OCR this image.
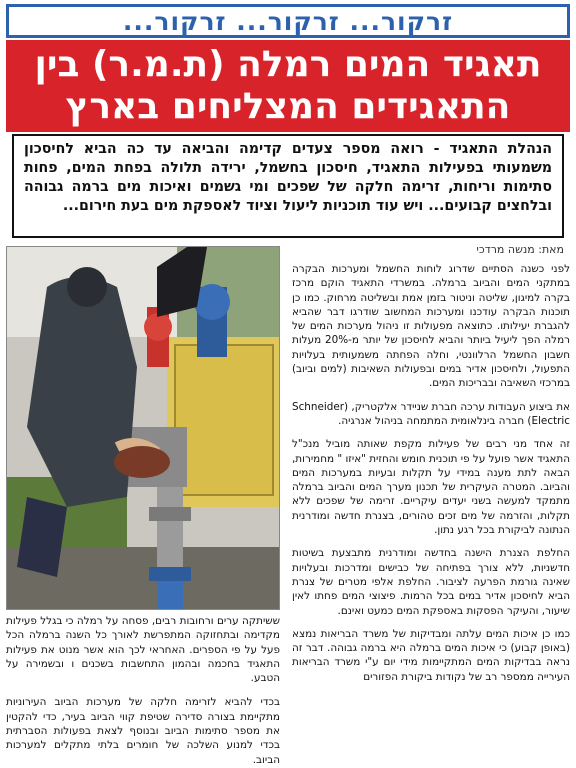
זרקור... זרקור... זרקור...
תאגיד המים רמלה (ת.מ.ר) בין התאגידים המצליחים בארץ
הנהלת התאגיד - רואה מספר צעדים קדימה והביאה עד כה הביא לחיסכון משמעותי בפעילות התאגיד, חיסכון בחשמל, ירידה תלולה בפחת המים, פחות סתימות וריחות, זרימה חלקה של שפכים ומי גשמים ואיכות מים ברמה גבוהה ובלחצים קבועים... ויש עוד תוכניות ליעול וציוד לאספקת מים בעת חירום...
מאת: מנשה מרדכי

לפני כשנה הסתיים שדרוג לוחות החשמל ומערכות הבקרה במתקני המים והביוב ברמלה. במשרדי התאגיד הוקם מרכז בקרה למיגון, שליטה וניטור בזמן אמת ובשליטה מרחוק. כמו כן תוכנות הבקרה עודכנו ומערכות המחשוב שודרגו דבר שהביא להגברת יעילותו. כתוצאה מפעולות זו ניהול מערכות המים של רמלה הפך ליעיל ביותר והביא לחיסכון של יותר מ-20% מעלות חשבון החשמל הרלוונטי, וחלה הפחתה משמעותית בעלויות התפעול, ולחיסכון אדיר במים ובפעולות השאיבות (למים וביוב) במרכזי השאיבה ובבריכות המים.

את ביצוע העבודות ערכה חברת שניידר אלקטריק, (Schneider Electric) חברה בינלאומית המתמחה בניהול אנרגיה.

זה אחד מני רבים של פעילות מקפת שאותה מוביל מנכ"ל התאגיד אשר פועל על פי תוכנית חומש והחזית "איזו " מחמירות, הבאה לתת מענה במידי על תקלות ובעיות במערכות המים והביוב. המטרה העיקרית של תכנון מערך המים והביוב ברמלה מתמקד למעשה בשני יעדים עיקריים. זרימה של שפכים ללא תקלות, והזרמה של מים זכים טהורים, בצנרת חדשה ומודרנית הנתונה לביקורת בכל רגע נתון.

החלפת הצנרת הישנה בחדשה ומודרנית מתבצעת בשיטות חדשניות, ללא צורך בפתיחה של כבישים ומדרכות ובעלויות שאינה גורמת הפרעה לציבור. החלפת אלפי מטרים של צנרת הביא לחיסכון אדיר במים בכל הרמות. פיצוצי המים פחתו לאין שיעור, והעיקר הפסקות באספקת המים כמעט ואינם.

כמו כן איכות המים עלתה ומבדיקות של משרד הבריאות נמצא (באופן קבוע) כי איכות המים ברמלה היא ברמה גבוהה. דבר זה נראה בבדיקות המים המתקיימות מידי יום ע"י משרד הבריאות העירייה ממספר רב של נקודות ביקורת הפזורים

ששיתקה ערים ורחובות רבים, פסחה על רמלה כי בגלל פעילות מקדימה ובתחזוקה המתפרשת לאורך כל השנה ברמלה הכל פעל על פי הספרים. האחראי לכך הוא אשר מנוט את פעילות התאגיד בחכמה ובהמון התחשבות בשכנים ו ובשמירה על הטבע.

בכדי להביא לזרימה חלקה של מערכות הביוב העירוניות מתקיימת בצורה סדירה שטיפת קווי הביוב בעיר, כדי להקטין את מספר סתימות הביוב ובנוסף לצאת בפעולות הסברתית בכדי למנוע השלכה של חומרים בלתי מתקלים למערכות הביוב.
